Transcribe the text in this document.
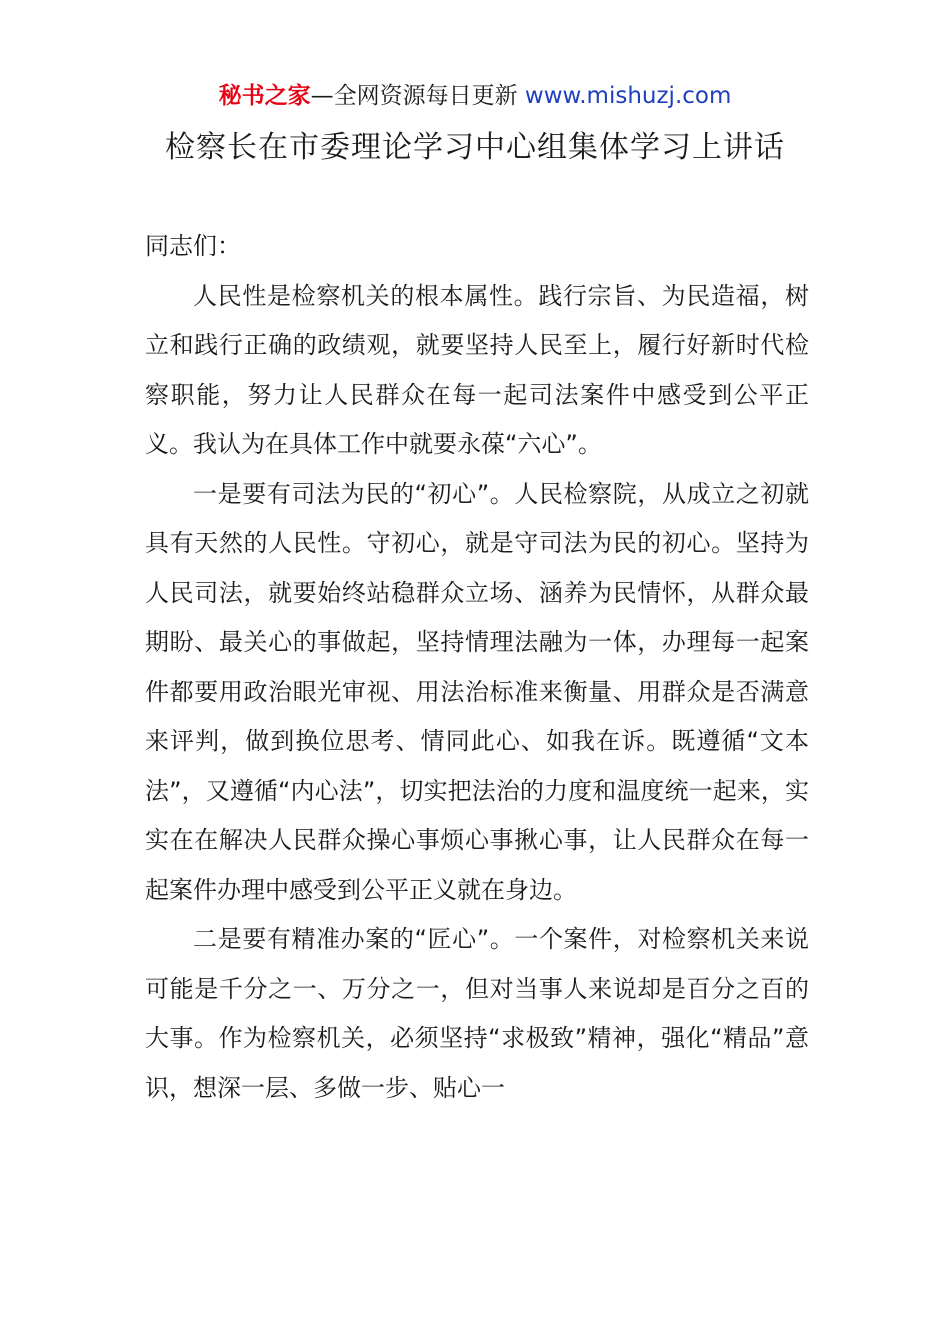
秘书之家—全网资源每日更新 www.mishuzj.com
检察长在市委理论学习中心组集体学习上讲话

同志们：

人民性是检察机关的根本属性。践行宗旨、为民造福，树立和践行正确的政绩观，就要坚持人民至上，履行好新时代检察职能，努力让人民群众在每一起司法案件中感受到公平正义。我认为在具体工作中就要永葆“六心”。

一是要有司法为民的“初心”。人民检察院，从成立之初就具有天然的人民性。守初心，就是守司法为民的初心。坚持为人民司法，就要始终站稳群众立场、涵养为民情怀，从群众最期盼、最关心的事做起，坚持情理法融为一体，办理每一起案件都要用政治眼光审视、用法治标准来衡量、用群众是否满意来评判，做到换位思考、情同此心、如我在诉。既遵循“文本法”，又遵循“内心法”，切实把法治的力度和温度统一起来，实实在在解决人民群众操心事烦心事揪心事，让人民群众在每一起案件办理中感受到公平正义就在身边。

二是要有精准办案的“匠心”。一个案件，对检察机关来说可能是千分之一、万分之一，但对当事人来说却是百分之百的大事。作为检察机关，必须坚持“求极致”精神，强化“精品”意识，想深一层、多做一步、贴心一
